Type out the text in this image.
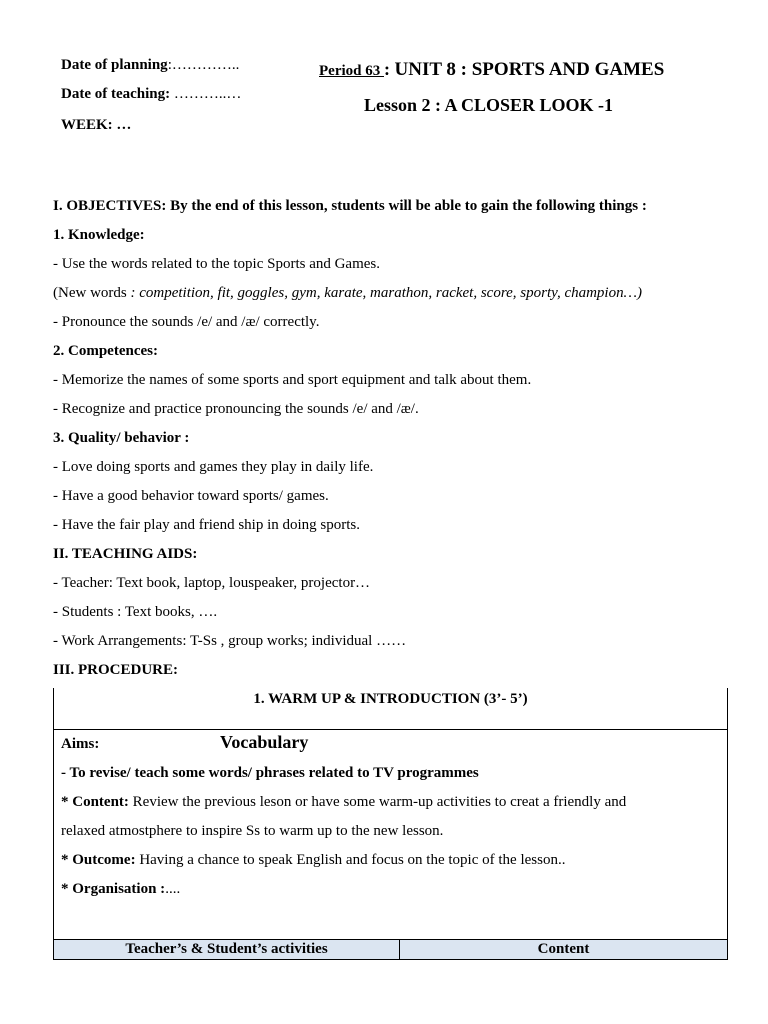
Date of planning:…………..
Date of teaching: ………..…
WEEK: …
Period 63 : UNIT 8 : SPORTS AND GAMES
Lesson 2 : A CLOSER LOOK -1
I. OBJECTIVES: By the end of this lesson, students will be able to gain the following things :
1. Knowledge:
- Use the words related to the topic Sports and Games.
(New words : competition, fit, goggles, gym, karate, marathon, racket, score, sporty, champion…)
- Pronounce the sounds /e/ and /æ/ correctly.
2. Competences:
- Memorize the names of some sports and sport equipment and talk about them.
- Recognize and practice pronouncing the sounds /e/ and /æ/.
3. Quality/ behavior :
- Love doing sports and games they play in daily life.
- Have a good behavior toward sports/ games.
- Have the fair play and friend ship in doing sports.
II. TEACHING AIDS:
- Teacher: Text book, laptop, louspeaker, projector…
- Students : Text books, ….
- Work Arrangements: T-Ss , group works; individual ……
III. PROCEDURE:
1. WARM UP & INTRODUCTION (3’- 5’)
Aims:	Vocabulary
- To revise/ teach some words/ phrases related to TV programmes
* Content: Review the previous leson or have some warm-up activities to creat a friendly and
relaxed atmostphere to inspire Ss to warm up to the new lesson.
* Outcome: Having a chance to speak English and focus on the topic of the lesson..
* Organisation :....
Teacher’s & Student’s activities	Content
